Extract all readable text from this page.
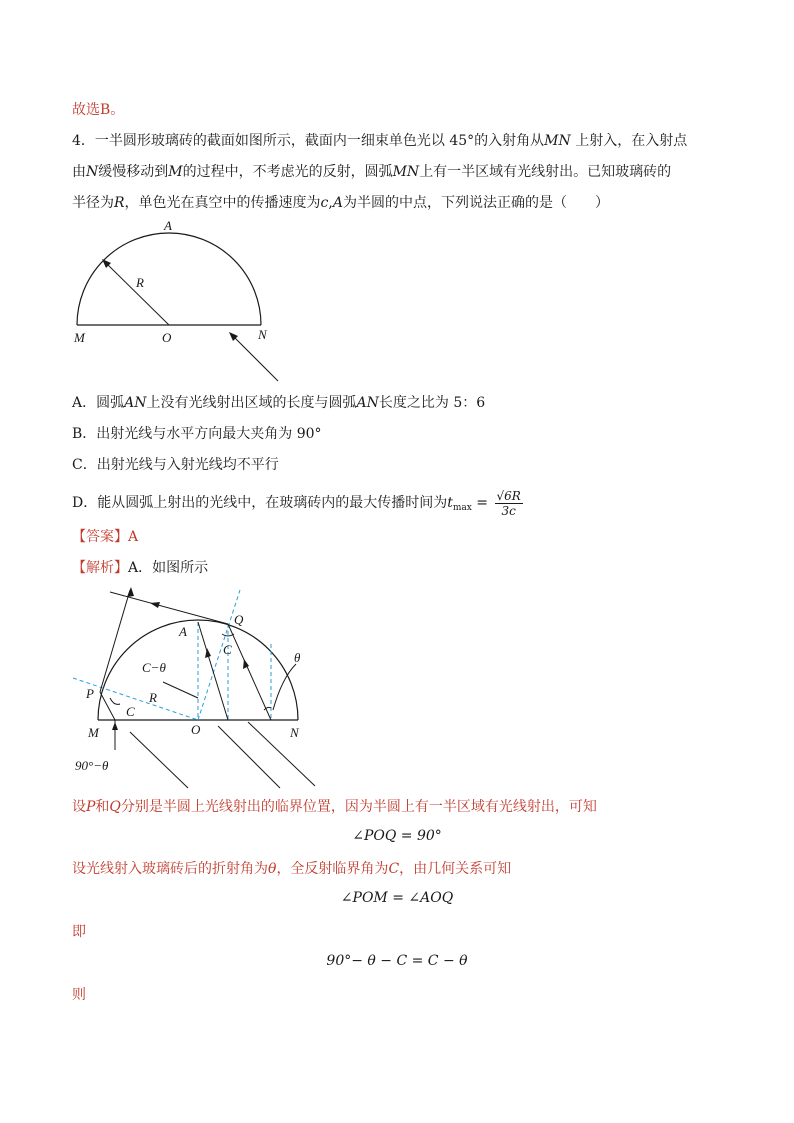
故选B。
4．一半圆形玻璃砖的截面如图所示，截面内一细束单色光以 45°的入射角从MN 上射入，在入射点
由N缓慢移动到M的过程中，不考虑光的反射，圆弧MN上有一半区域有光线射出。已知玻璃砖的
半径为R，单色光在真空中的传播速度为c,A为半圆的中点，下列说法正确的是（　　）
A
R
M	O	N
A．圆弧AN上没有光线射出区域的长度与圆弧AN长度之比为 5：6
B．出射光线与水平方向最大夹角为 90°
C．出射光线与入射光线均不平行
D．能从圆弧上射出的光线中，在玻璃砖内的最大传播时间为$t_{max} = \frac{√6R}{3c}$
【答案】A
【解析】A．如图所示
A
Q
C
θ
C−θ
P	R
C
M	O	N
90°−θ
设P和Q分别是半圆上光线射出的临界位置，因为半圆上有一半区域有光线射出，可知
∠POQ = 90°
设光线射入玻璃砖后的折射角为θ，全反射临界角为C，由几何关系可知
∠POM = ∠AOQ
即
90°− θ − C = C − θ
则
